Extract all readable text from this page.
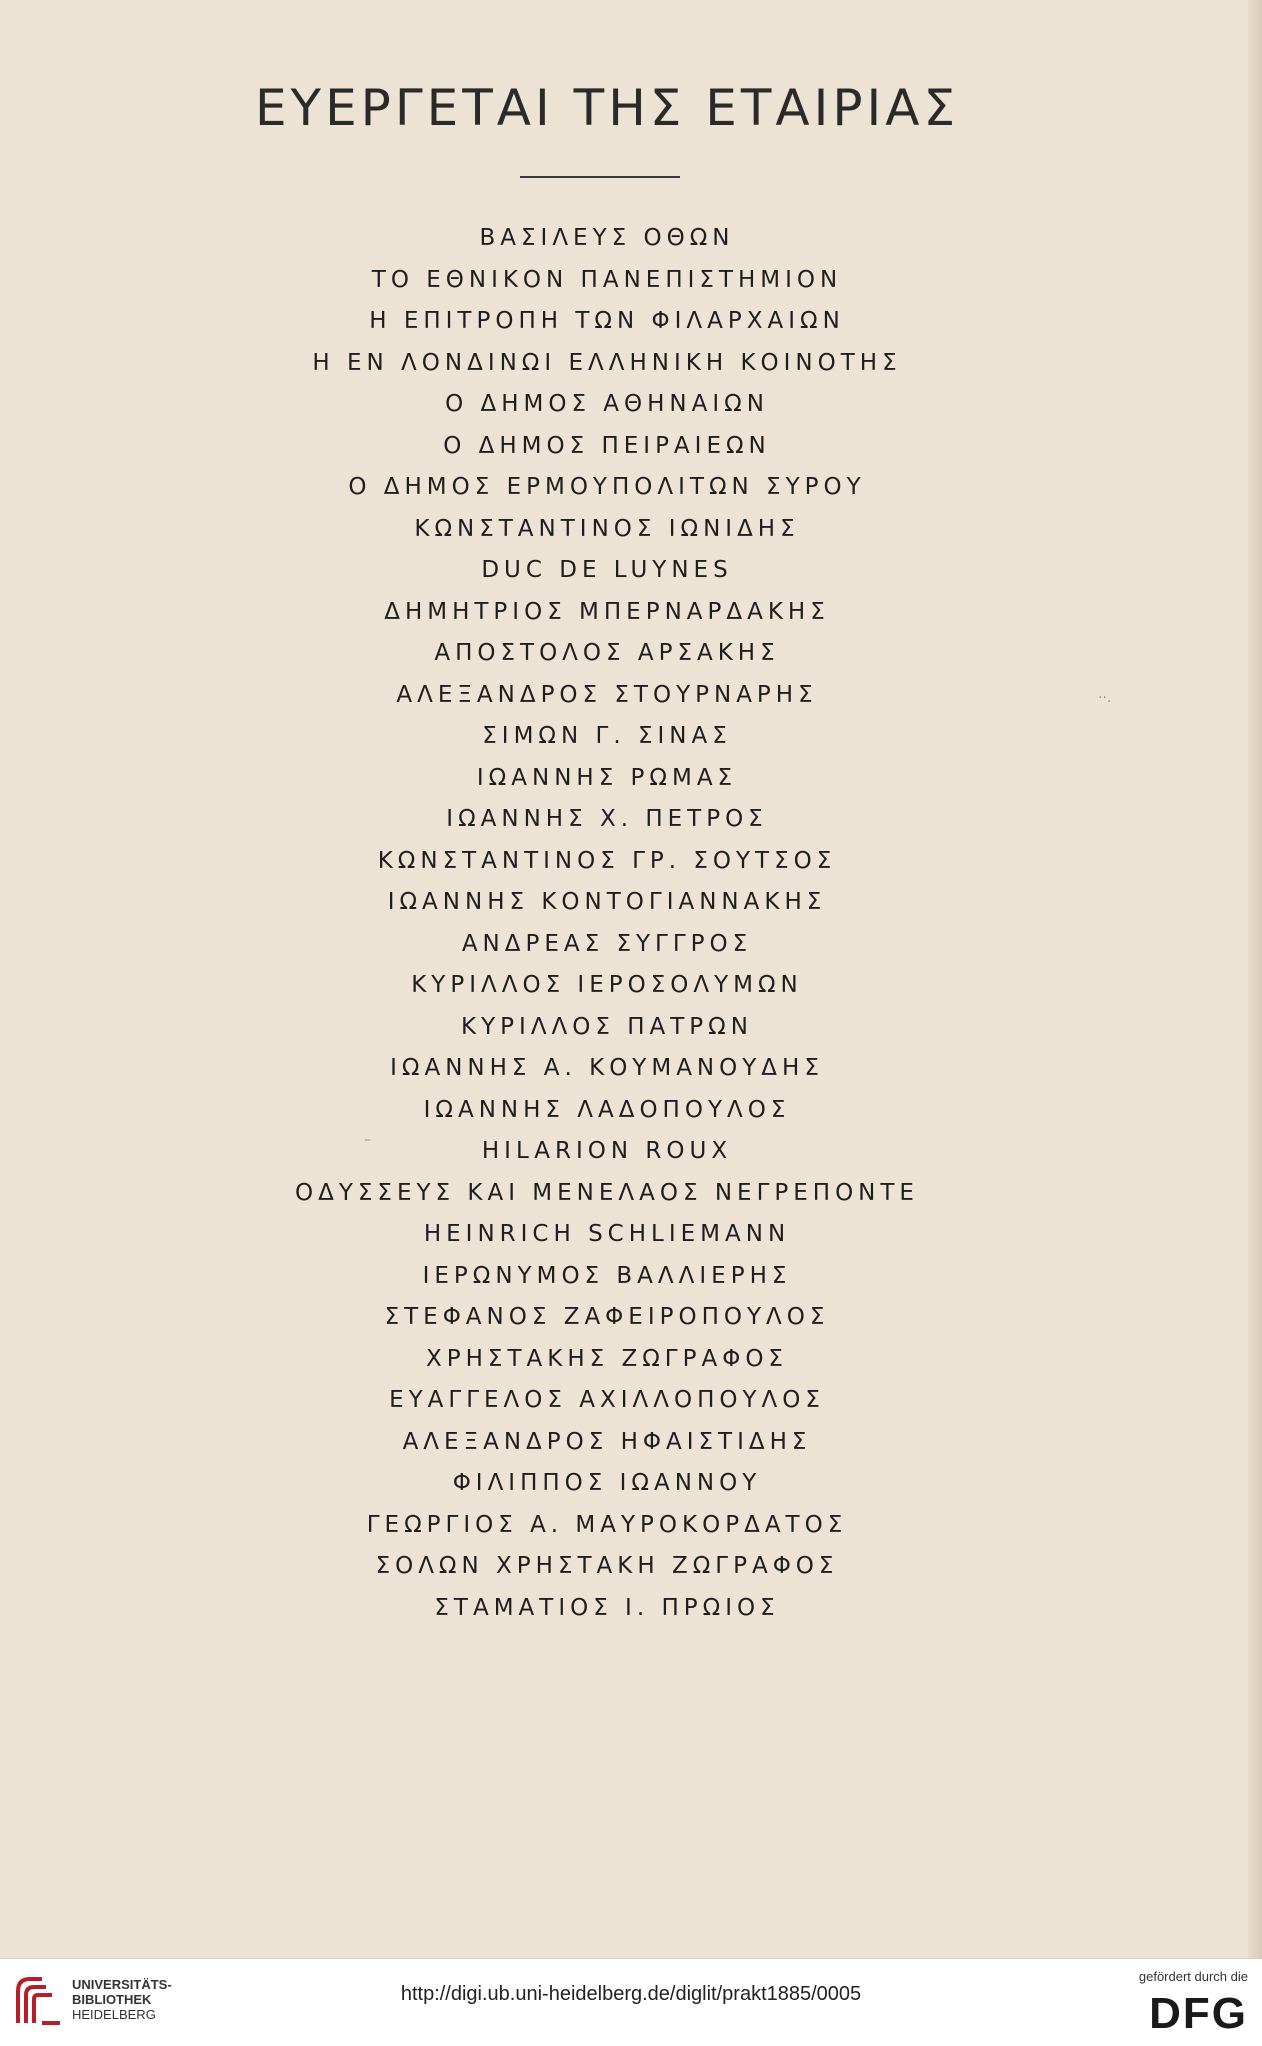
ΕΥΕΡΓΕΤΑΙ ΤΗΣ ΕΤΑΙΡΙΑΣ
ΒΑΣΙΛΕΥΣ ΟΘΩΝ
ΤΟ ΕΘΝΙΚΟΝ ΠΑΝΕΠΙΣΤΗΜΙΟΝ
Η ΕΠΙΤΡΟΠΗ ΤΩΝ ΦΙΛΑΡΧΑΙΩΝ
Η ΕΝ ΛΟΝΔΙΝΩΙ ΕΛΛΗΝΙΚΗ ΚΟΙΝΟΤΗΣ
Ο ΔΗΜΟΣ ΑΘΗΝΑΙΩΝ
Ο ΔΗΜΟΣ ΠΕΙΡΑΙΕΩΝ
Ο ΔΗΜΟΣ ΕΡΜΟΥΠΟΛΙΤΩΝ ΣΥΡΟΥ
ΚΩΝΣΤΑΝΤΙΝΟΣ ΙΩΝΙΔΗΣ
DUC DE LUYNES
ΔΗΜΗΤΡΙΟΣ ΜΠΕΡΝΑΡΔΑΚΗΣ
ΑΠΟΣΤΟΛΟΣ ΑΡΣΑΚΗΣ
ΑΛΕΞΑΝΔΡΟΣ ΣΤΟΥΡΝΑΡΗΣ
ΣΙΜΩΝ Γ. ΣΙΝΑΣ
ΙΩΑΝΝΗΣ ΡΩΜΑΣ
ΙΩΑΝΝΗΣ Χ. ΠΕΤΡΟΣ
ΚΩΝΣΤΑΝΤΙΝΟΣ ΓΡ. ΣΟΥΤΣΟΣ
ΙΩΑΝΝΗΣ ΚΟΝΤΟΓΙΑΝΝΑΚΗΣ
ΑΝΔΡΕΑΣ ΣΥΓΓΡΟΣ
ΚΥΡΙΛΛΟΣ ΙΕΡΟΣΟΛΥΜΩΝ
ΚΥΡΙΛΛΟΣ ΠΑΤΡΩΝ
ΙΩΑΝΝΗΣ Α. ΚΟΥΜΑΝΟΥΔΗΣ
ΙΩΑΝΝΗΣ ΛΑΔΟΠΟΥΛΟΣ
HILARION ROUX
ΟΔΥΣΣΕΥΣ ΚΑΙ ΜΕΝΕΛΑΟΣ ΝΕΓΡΕΠΟΝΤΕ
HEINRICH SCHLIEMANN
ΙΕΡΩΝΥΜΟΣ ΒΑΛΛΙΕΡΗΣ
ΣΤΕΦΑΝΟΣ ΖΑΦΕΙΡΟΠΟΥΛΟΣ
ΧΡΗΣΤΑΚΗΣ ΖΩΓΡΑΦΟΣ
ΕΥΑΓΓΕΛΟΣ ΑΧΙΛΛΟΠΟΥΛΟΣ
ΑΛΕΞΑΝΔΡΟΣ ΗΦΑΙΣΤΙΔΗΣ
ΦΙΛΙΠΠΟΣ ΙΩΑΝΝΟΥ
ΓΕΩΡΓΙΟΣ Α. ΜΑΥΡΟΚΟΡΔΑΤΟΣ
ΣΟΛΩΝ ΧΡΗΣΤΑΚΗ ΖΩΓΡΑΦΟΣ
ΣΤΑΜΑΤΙΟΣ Ι. ΠΡΩΙΟΣ
··.
–
UNIVERSITÄTS-
BIBLIOTHEK
HEIDELBERG
http://digi.ub.uni-heidelberg.de/diglit/prakt1885/0005
gefördert durch die
DFG
